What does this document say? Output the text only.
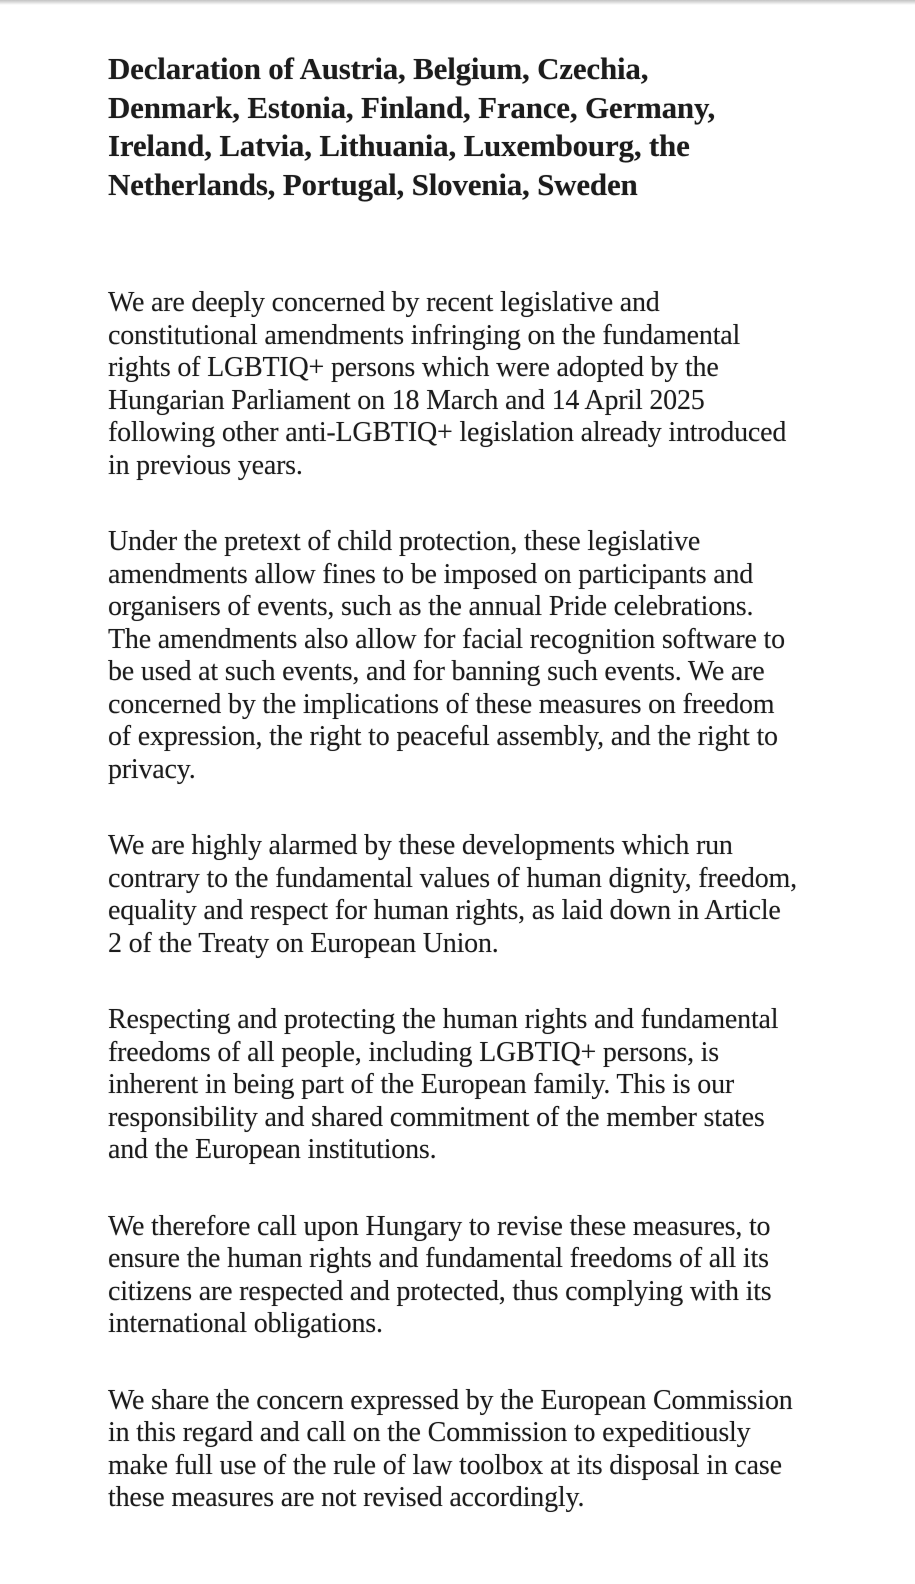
Declaration of Austria, Belgium, Czechia,
Denmark, Estonia, Finland, France, Germany,
Ireland, Latvia, Lithuania, Luxembourg, the
Netherlands, Portugal, Slovenia, Sweden
We are deeply concerned by recent legislative and
constitutional amendments infringing on the fundamental
rights of LGBTIQ+ persons which were adopted by the
Hungarian Parliament on 18 March and 14 April 2025
following other anti-LGBTIQ+ legislation already introduced
in previous years.
Under the pretext of child protection, these legislative
amendments allow fines to be imposed on participants and
organisers of events, such as the annual Pride celebrations.
The amendments also allow for facial recognition software to
be used at such events, and for banning such events. We are
concerned by the implications of these measures on freedom
of expression, the right to peaceful assembly, and the right to
privacy.
We are highly alarmed by these developments which run
contrary to the fundamental values of human dignity, freedom,
equality and respect for human rights, as laid down in Article
2 of the Treaty on European Union.
Respecting and protecting the human rights and fundamental
freedoms of all people, including LGBTIQ+ persons, is
inherent in being part of the European family. This is our
responsibility and shared commitment of the member states
and the European institutions.
We therefore call upon Hungary to revise these measures, to
ensure the human rights and fundamental freedoms of all its
citizens are respected and protected, thus complying with its
international obligations.
We share the concern expressed by the European Commission
in this regard and call on the Commission to expeditiously
make full use of the rule of law toolbox at its disposal in case
these measures are not revised accordingly.
